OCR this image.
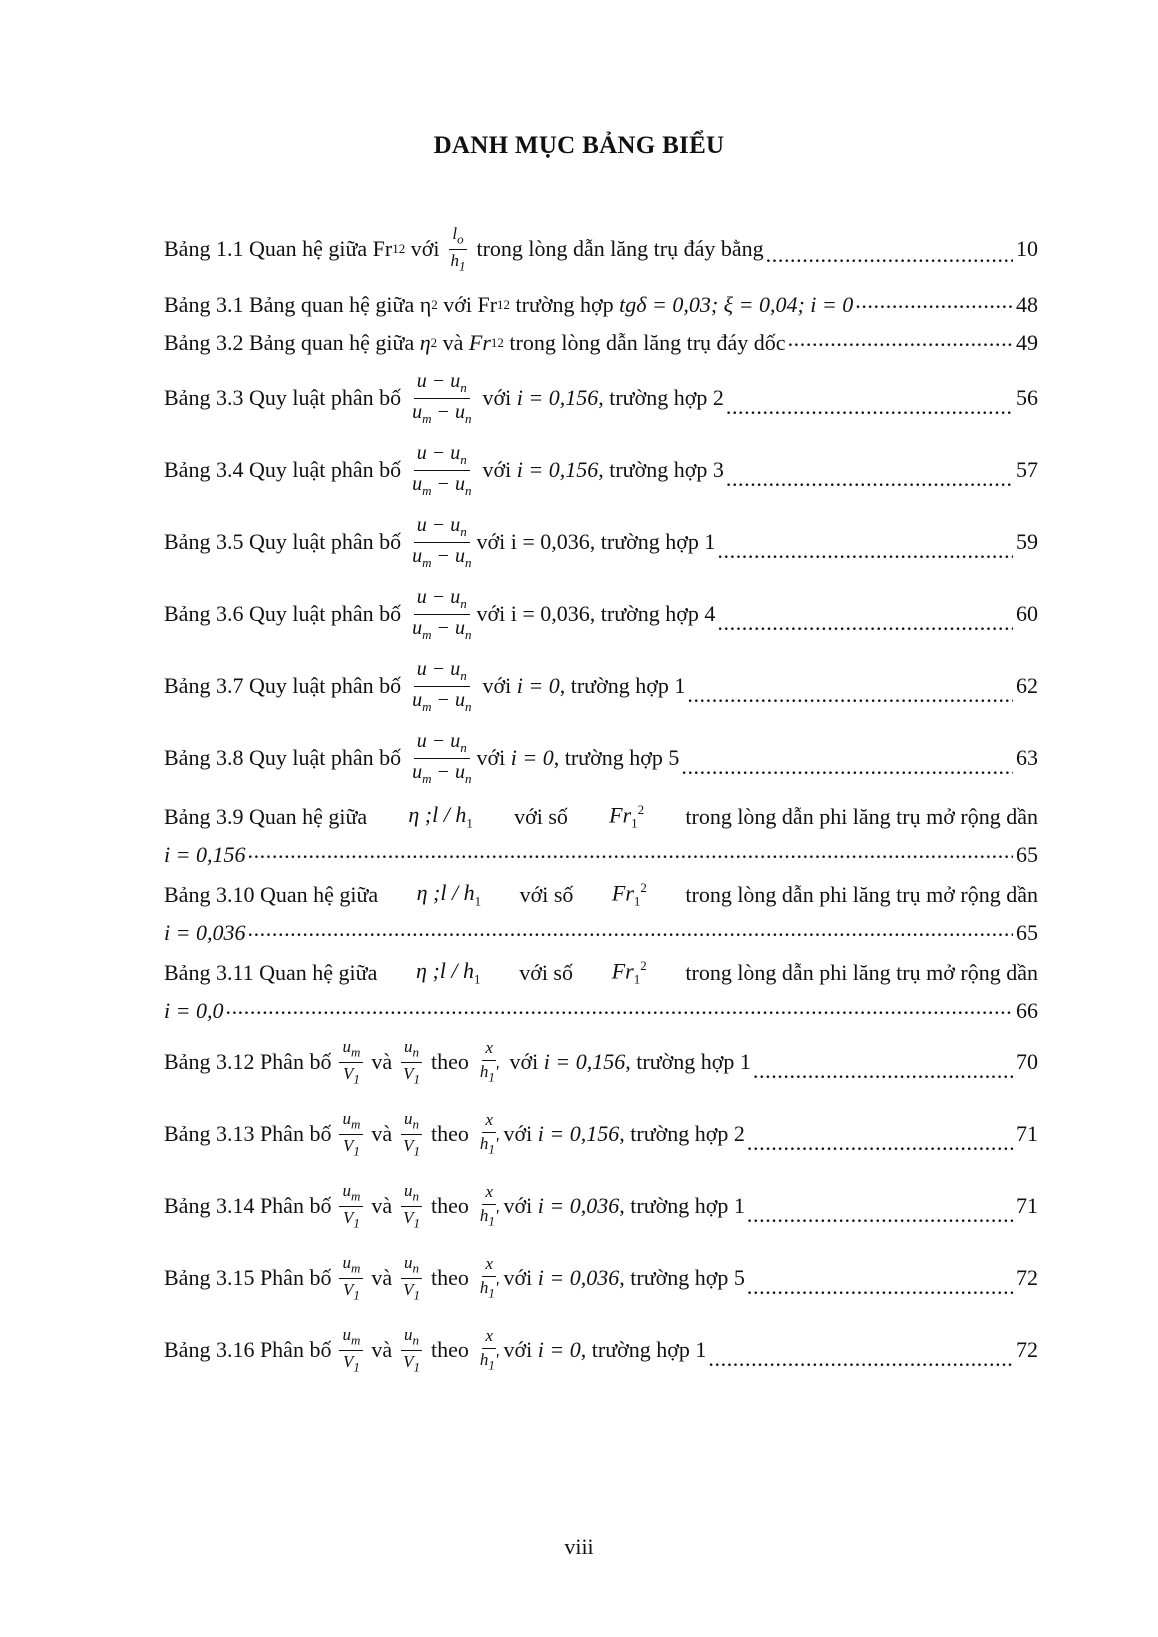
DANH MỤC BẢNG BIỂU
Bảng 1.1 Quan hệ giữa Fr 1 2 với $\frac{l_o}{h_1}$ trong lòng dẫn lăng trụ đáy bằng .....	10
Bảng 3.1 Bảng quan hệ giữa η 2
với Fr 1 2
trường hợp
tgδ = 0,03; ξ = 0,04; i = 0 .....	48
Bảng 3.2 Bảng quan hệ giữa
η 2
và
Fr 1 2
trong lòng dẫn lăng trụ đáy dốc .....	49
Bảng 3.3 Quy luật phân bố $\frac{u - u_n}{u_m - u_n}$ với
i = 0,156 , trường hợp 2 .....	56
Bảng 3.4 Quy luật phân bố $\frac{u - u_n}{u_m - u_n}$ với
i = 0,156 , trường hợp 3 .....	57
Bảng 3.5 Quy luật phân bố $\frac{u - u_n}{u_m - u_n}$ với i = 0,036, trường hợp 1 .....	59
Bảng 3.6 Quy luật phân bố $\frac{u - u_n}{u_m - u_n}$ với i = 0,036, trường hợp 4 .....	60
Bảng 3.7 Quy luật phân bố $\frac{u - u_n}{u_m - u_n}$ với
i = 0 , trường hợp 1 .....	62
Bảng 3.8 Quy luật phân bố $\frac{u - u_n}{u_m - u_n}$ với
i = 0 , trường hợp 5 .....	63
Bảng 3.9 Quan hệ giữa η ;l / $h_1$ với số $Fr_1^2$ trong lòng dẫn phi lăng trụ mở rộng dần
i = 0,156 .....	65
Bảng 3.10 Quan hệ giữa η ;l / $h_1$ với số $Fr_1^2$ trong lòng dẫn phi lăng trụ mở rộng dần
i = 0,036 .....	65
Bảng 3.11 Quan hệ giữa η ;l / $h_1$ với số $Fr_1^2$ trong lòng dẫn phi lăng trụ mở rộng dần
i = 0,0 .....	66
Bảng 3.12 Phân bố $\frac{u_m}{V_1}$ và $\frac{u_n}{V_1}$ theo $\frac{x}{h_1'}$ với
i = 0,156 , trường hợp 1 .....	70
Bảng 3.13 Phân bố $\frac{u_m}{V_1}$ và $\frac{u_n}{V_1}$ theo $\frac{x}{h_1'}$ với
i = 0,156 , trường hợp 2 .....	71
Bảng 3.14 Phân bố $\frac{u_m}{V_1}$ và $\frac{u_n}{V_1}$ theo $\frac{x}{h_1'}$ với
i = 0,036 , trường hợp 1 .....	71
Bảng 3.15 Phân bố $\frac{u_m}{V_1}$ và $\frac{u_n}{V_1}$ theo $\frac{x}{h_1'}$ với
i = 0,036 , trường hợp 5 .....	72
Bảng 3.16 Phân bố $\frac{u_m}{V_1}$ và $\frac{u_n}{V_1}$ theo $\frac{x}{h_1'}$ với
i = 0 , trường hợp 1 .....	72
viii
